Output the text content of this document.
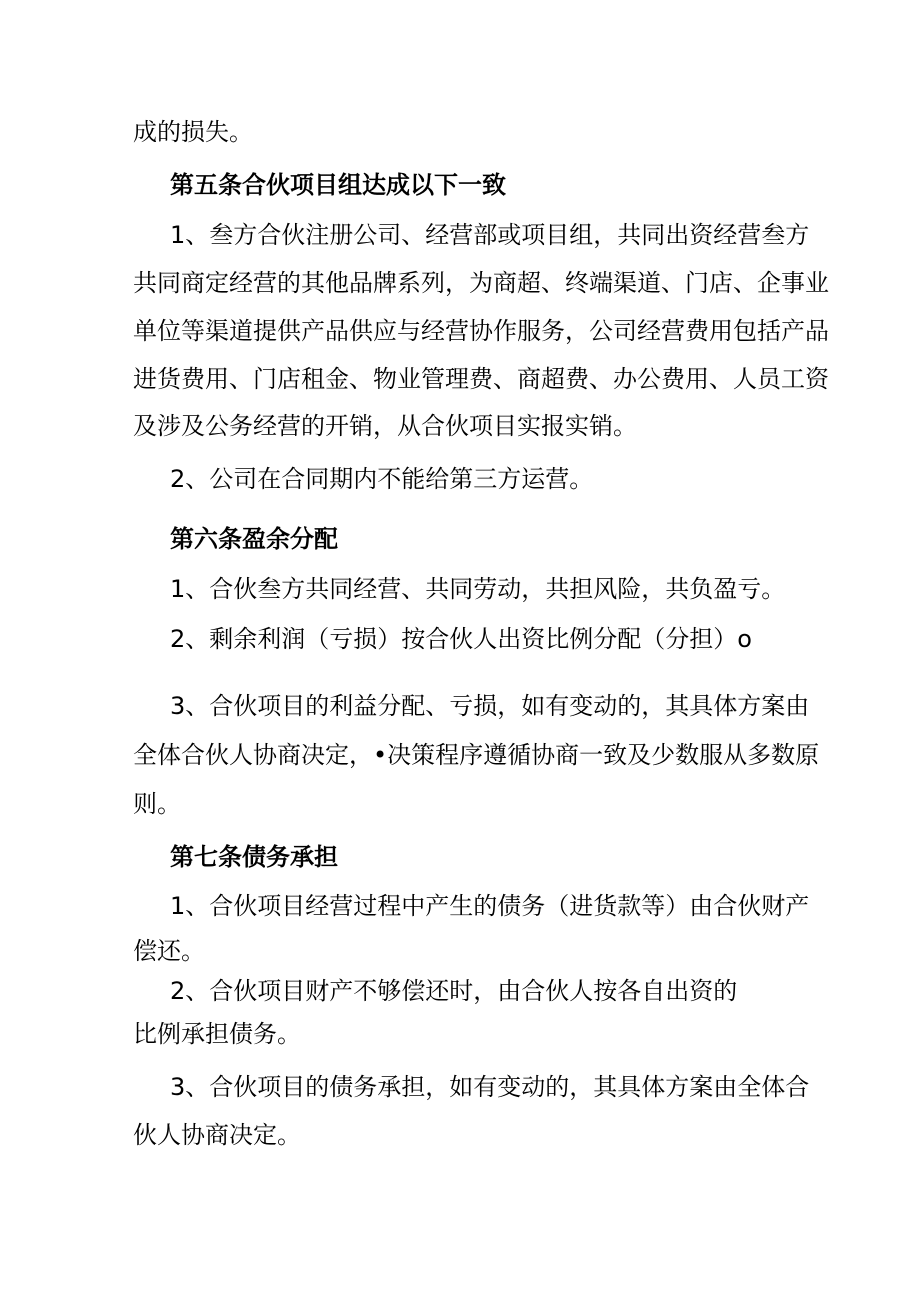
成的损失。
第五条合伙项目组达成以下一致
1、叁方合伙注册公司、经营部或项目组，共同出资经营叁方
共同商定经营的其他品牌系列，为商超、终端渠道、门店、企事业
单位等渠道提供产品供应与经营协作服务，公司经营费用包括产品
进货费用、门店租金、物业管理费、商超费、办公费用、人员工资
及涉及公务经营的开销，从合伙项目实报实销。
2、公司在合同期内不能给第三方运营。
第六条盈余分配
1、合伙叁方共同经营、共同劳动，共担风险，共负盈亏。
2、剩余利润（亏损）按合伙人出资比例分配（分担）o
3、合伙项目的利益分配、亏损，如有变动的，其具体方案由
全体合伙人协商决定，•决策程序遵循协商一致及少数服从多数原
则。
第七条债务承担
1、合伙项目经营过程中产生的债务（进货款等）由合伙财产
偿还。
2、合伙项目财产不够偿还时，由合伙人按各自出资的
比例承担债务。
3、合伙项目的债务承担，如有变动的，其具体方案由全体合
伙人协商决定。
